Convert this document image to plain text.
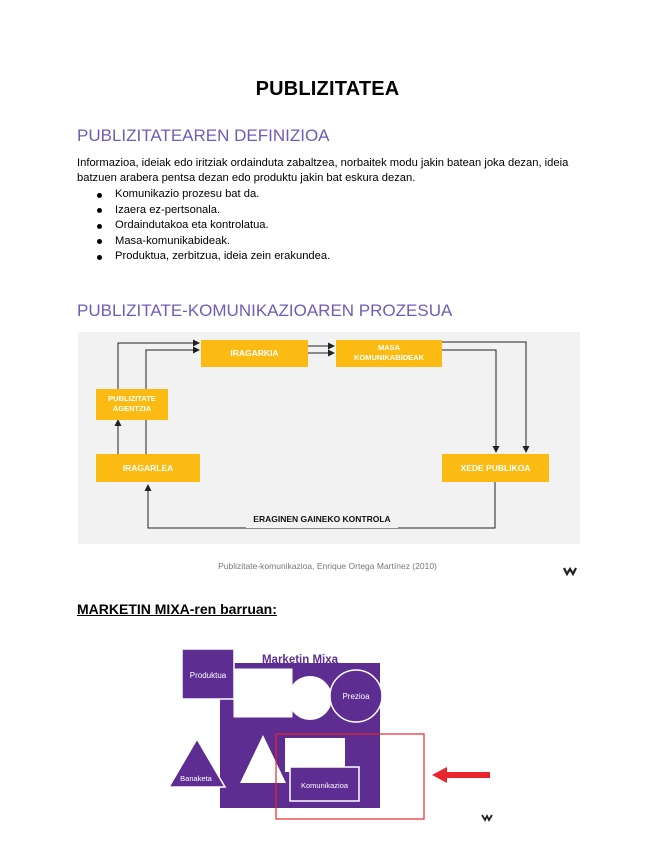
PUBLIZITATEA
PUBLIZITATEAREN DEFINIZIOA
Informazioa, ideiak edo iritziak ordainduta zabaltzea, norbaitek modu jakin batean joka dezan, ideia batzuen arabera pentsa dezan edo produktu jakin bat eskura dezan.
Komunikazio prozesu bat da.
Izaera ez-pertsonala.
Ordaindutakoa eta kontrolatua.
Masa-komunikabideak.
Produktua, zerbitzua, ideia zein erakundea.
PUBLIZITATE-KOMUNIKAZIOAREN PROZESUA
IRAGARKIA
MASA
KOMUNIKABIDEAK
PUBLIZITATE
AGENTZIA
IRAGARLEA	XEDE PUBLIKOA
ERAGINEN GAINEKO KONTROLA
Publizitate-komunikazioa, Enrique Ortega Martínez (2010)
MARKETIN MIXA-ren barruan:
Produktua
Marketin Mixa
Prezioa
Banaketa
Komunikazioa
